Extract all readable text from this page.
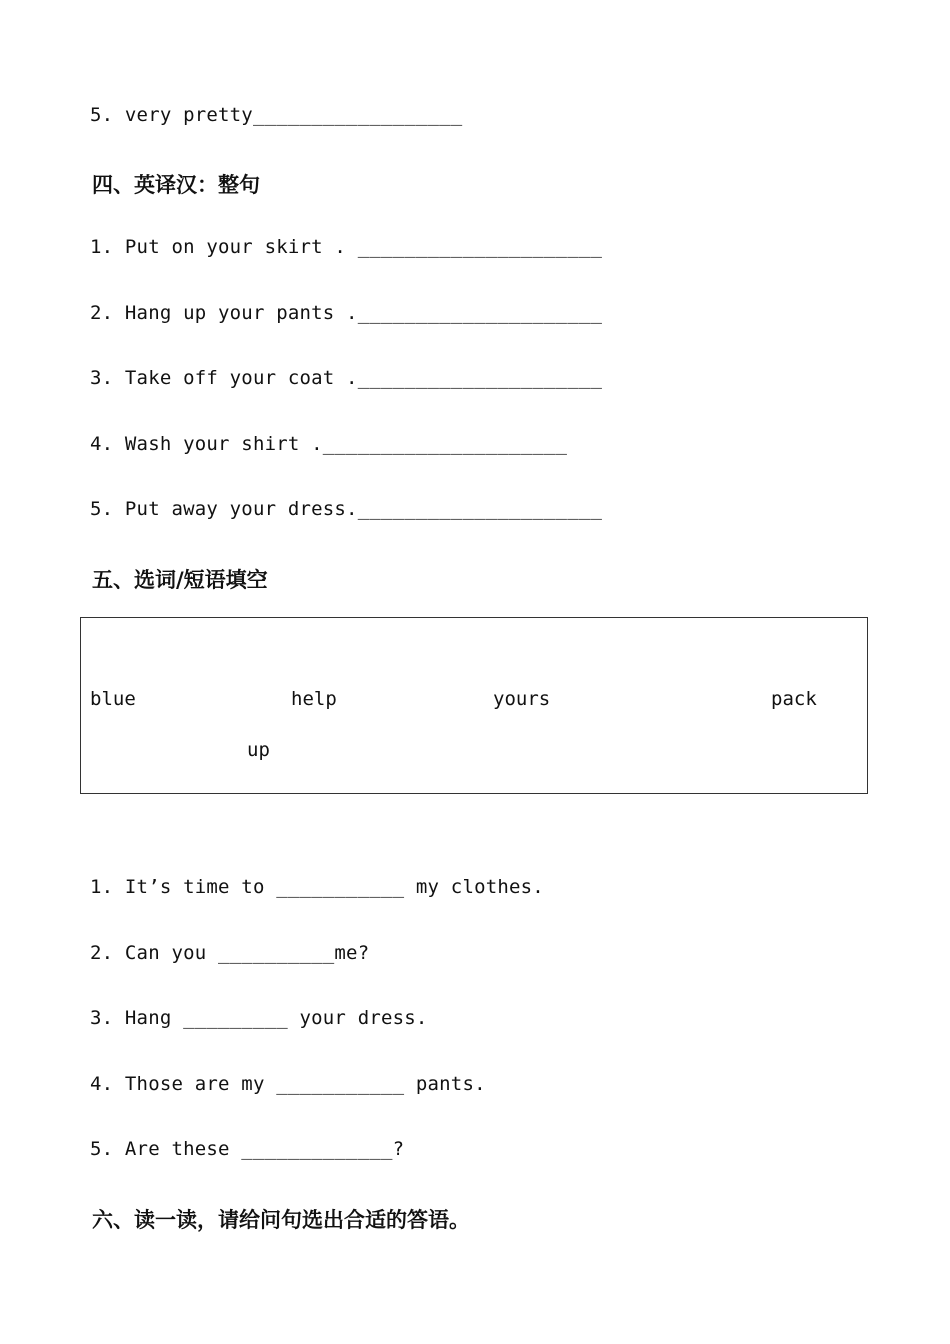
5. very pretty__________________
四、英译汉：整句
1. Put on your skirt . _____________________
2. Hang up your pants ._____________________
3. Take off your coat ._____________________
4. Wash your shirt ._____________________
5. Put away your dress._____________________
五、选词/短语填空
blue	help	yours	pack
up
1. It’s time to ___________ my clothes.
2. Can you __________me?
3. Hang _________ your dress.
4. Those are my ___________ pants.
5. Are these _____________?
六、读一读，请给问句选出合适的答语。
